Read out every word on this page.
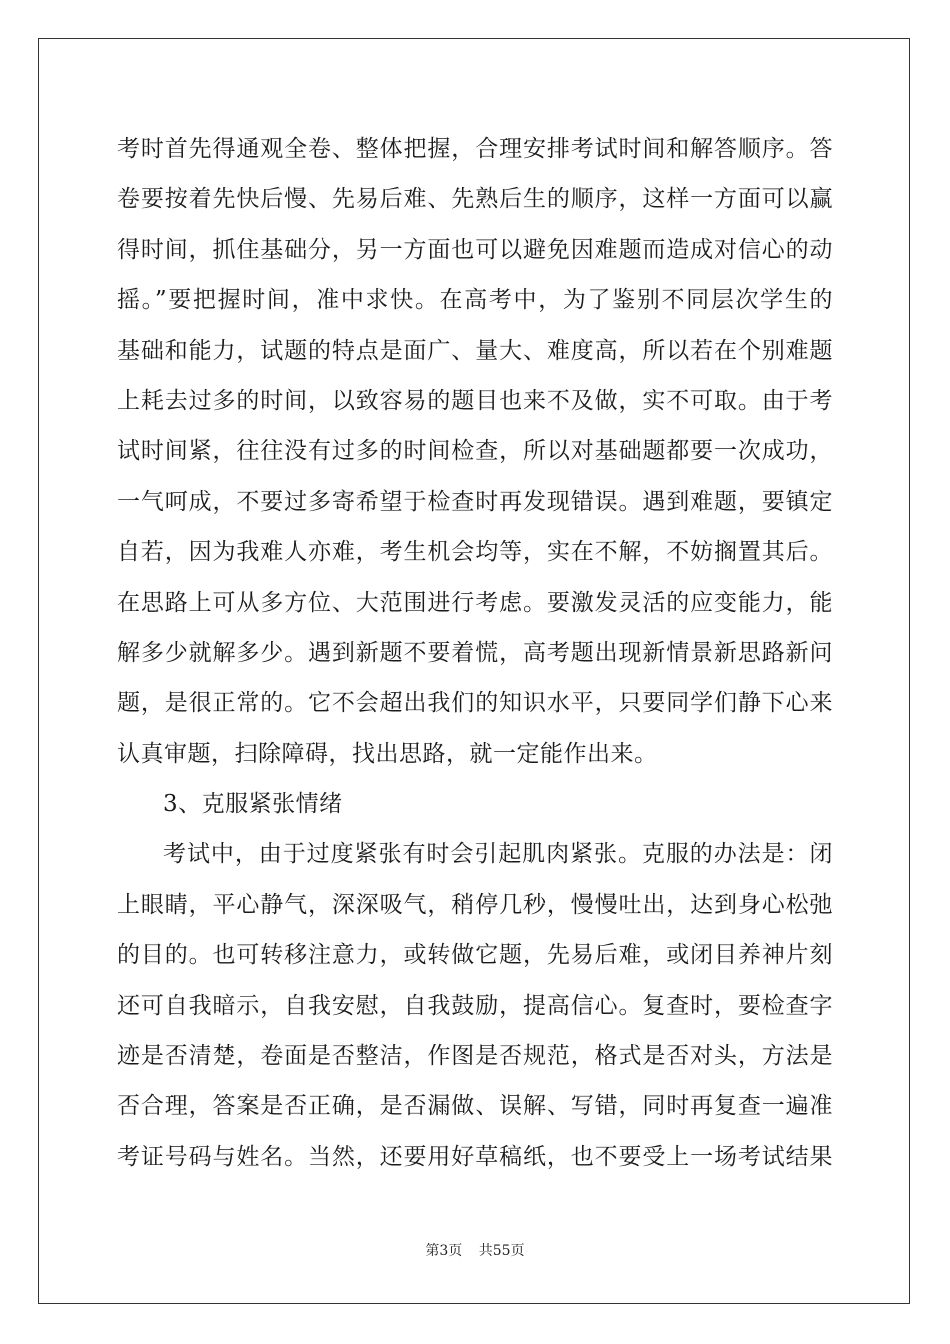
考时首先得通观全卷、整体把握，合理安排考试时间和解答顺序。答
卷要按着先快后慢、先易后难、先熟后生的顺序，这样一方面可以赢
得时间，抓住基础分，另一方面也可以避免因难题而造成对信心的动
摇。”要把握时间，准中求快。在高考中，为了鉴别不同层次学生的
基础和能力，试题的特点是面广、量大、难度高，所以若在个别难题
上耗去过多的时间，以致容易的题目也来不及做，实不可取。由于考
试时间紧，往往没有过多的时间检查，所以对基础题都要一次成功，
一气呵成，不要过多寄希望于检查时再发现错误。遇到难题，要镇定
自若，因为我难人亦难，考生机会均等，实在不解，不妨搁置其后。
在思路上可从多方位、大范围进行考虑。要激发灵活的应变能力，能
解多少就解多少。遇到新题不要着慌，高考题出现新情景新思路新问
题，是很正常的。它不会超出我们的知识水平，只要同学们静下心来
认真审题，扫除障碍，找出思路，就一定能作出来。
3、克服紧张情绪
考试中，由于过度紧张有时会引起肌肉紧张。克服的办法是：闭
上眼睛，平心静气，深深吸气，稍停几秒，慢慢吐出，达到身心松弛
的目的。也可转移注意力，或转做它题，先易后难，或闭目养神片刻
还可自我暗示，自我安慰，自我鼓励，提高信心。复查时，要检查字
迹是否清楚，卷面是否整洁，作图是否规范，格式是否对头，方法是
否合理，答案是否正确，是否漏做、误解、写错，同时再复查一遍准
考证号码与姓名。当然，还要用好草稿纸，也不要受上一场考试结果
第3页 共55页
